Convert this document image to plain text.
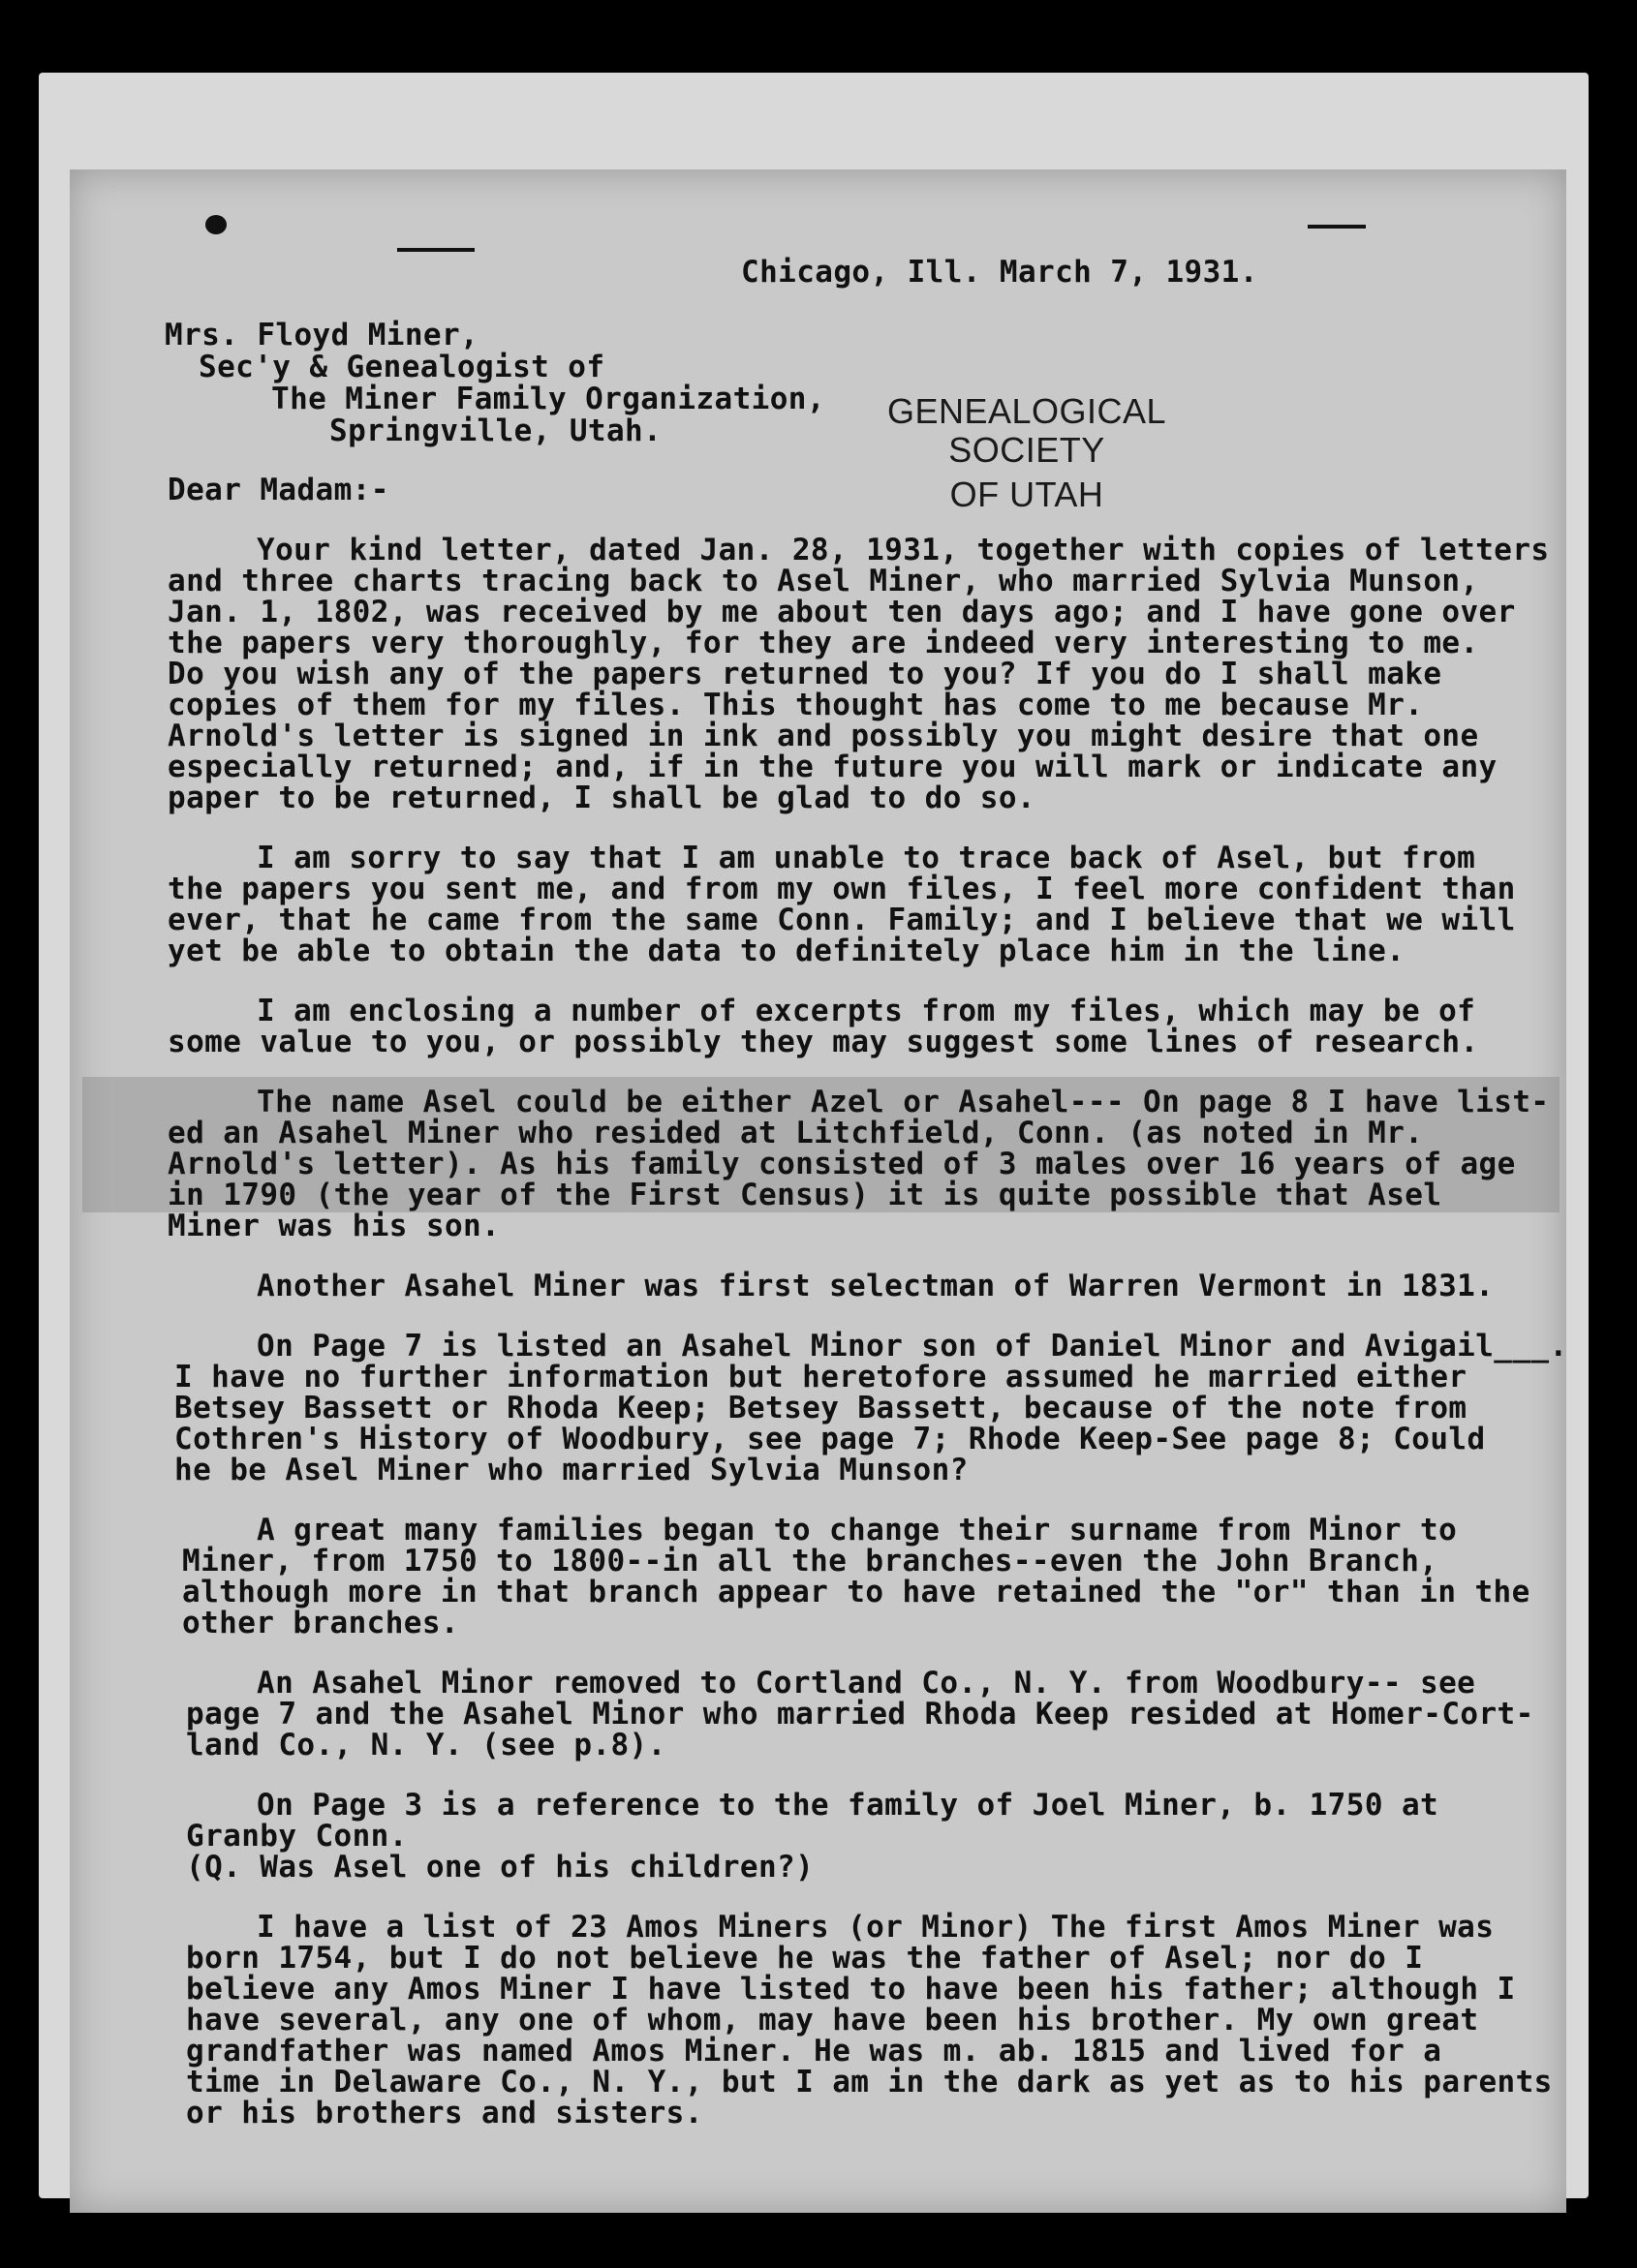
Chicago, Ill. March 7, 1931.

Mrs. Floyd Miner,

Sec'y & Genealogist of

The Miner Family Organization,

Springville, Utah.

Dear Madam:-

Your kind letter, dated Jan. 28, 1931, together with copies of letters

and three charts tracing back to Asel Miner, who married Sylvia Munson,

Jan. 1, 1802, was received by me about ten days ago; and I have gone over

the papers very thoroughly, for they are indeed very interesting to me.

Do you wish any of the papers returned to you? If you do I shall make

copies of them for my files. This thought has come to me because Mr.

Arnold's letter is signed in ink and possibly you might desire that one

especially returned; and, if in the future you will mark or indicate any

paper to be returned, I shall be glad to do so.

I am sorry to say that I am unable to trace back of Asel, but from

the papers you sent me, and from my own files, I feel more confident than

ever, that he came from the same Conn. Family; and I believe that we will

yet be able to obtain the data to definitely place him in the line.

I am enclosing a number of excerpts from my files, which may be of

some value to you, or possibly they may suggest some lines of research.

The name Asel could be either Azel or Asahel--- On page 8 I have list-

ed an Asahel Miner who resided at Litchfield, Conn. (as noted in Mr.

Arnold's letter). As his family consisted of 3 males over 16 years of age

in 1790 (the year of the First Census) it is quite possible that Asel

Miner was his son.

Another Asahel Miner was first selectman of Warren Vermont in 1831.

On Page 7 is listed an Asahel Minor son of Daniel Minor and Avigail___.

I have no further information but heretofore assumed he married either

Betsey Bassett or Rhoda Keep; Betsey Bassett, because of the note from

Cothren's History of Woodbury, see page 7; Rhode Keep-See page 8; Could

he be Asel Miner who married Sylvia Munson?

A great many families began to change their surname from Minor to

Miner, from 1750 to 1800--in all the branches--even the John Branch,

although more in that branch appear to have retained the "or" than in the

other branches.

An Asahel Minor removed to Cortland Co., N. Y. from Woodbury-- see

page 7 and the Asahel Minor who married Rhoda Keep resided at Homer-Cort-

land Co., N. Y. (see p.8).

On Page 3 is a reference to the family of Joel Miner, b. 1750 at

Granby Conn.

(Q. Was Asel one of his children?)

I have a list of 23 Amos Miners (or Minor) The first Amos Miner was

born 1754, but I do not believe he was the father of Asel; nor do I

believe any Amos Miner I have listed to have been his father; although I

have several, any one of whom, may have been his brother. My own great

grandfather was named Amos Miner. He was m. ab. 1815 and lived for a

time in Delaware Co., N. Y., but I am in the dark as yet as to his parents

or his brothers and sisters.

GENEALOGICAL SOCIETY
OF UTAH
